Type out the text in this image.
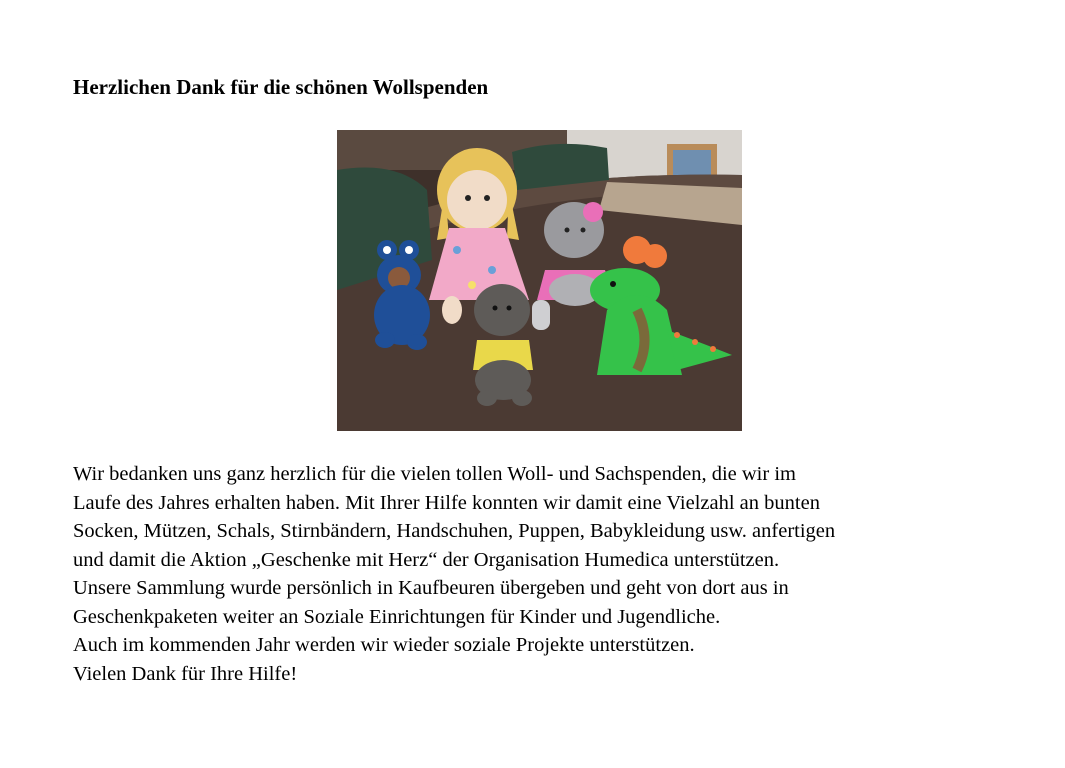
Herzlichen Dank für die schönen Wollspenden

Wir bedanken uns ganz herzlich für die vielen tollen Woll- und Sachspenden, die wir im
Laufe des Jahres erhalten haben. Mit Ihrer Hilfe konnten wir damit eine Vielzahl an bunten
Socken, Mützen, Schals, Stirnbändern, Handschuhen, Puppen, Babykleidung usw. anfertigen
und damit die Aktion „Geschenke mit Herz“ der Organisation Humedica unterstützen.
Unsere Sammlung wurde persönlich in Kaufbeuren übergeben und geht von dort aus in
Geschenkpaketen weiter an Soziale Einrichtungen für Kinder und Jugendliche.
Auch im kommenden Jahr werden wir wieder soziale Projekte unterstützen.
Vielen Dank für Ihre Hilfe!
